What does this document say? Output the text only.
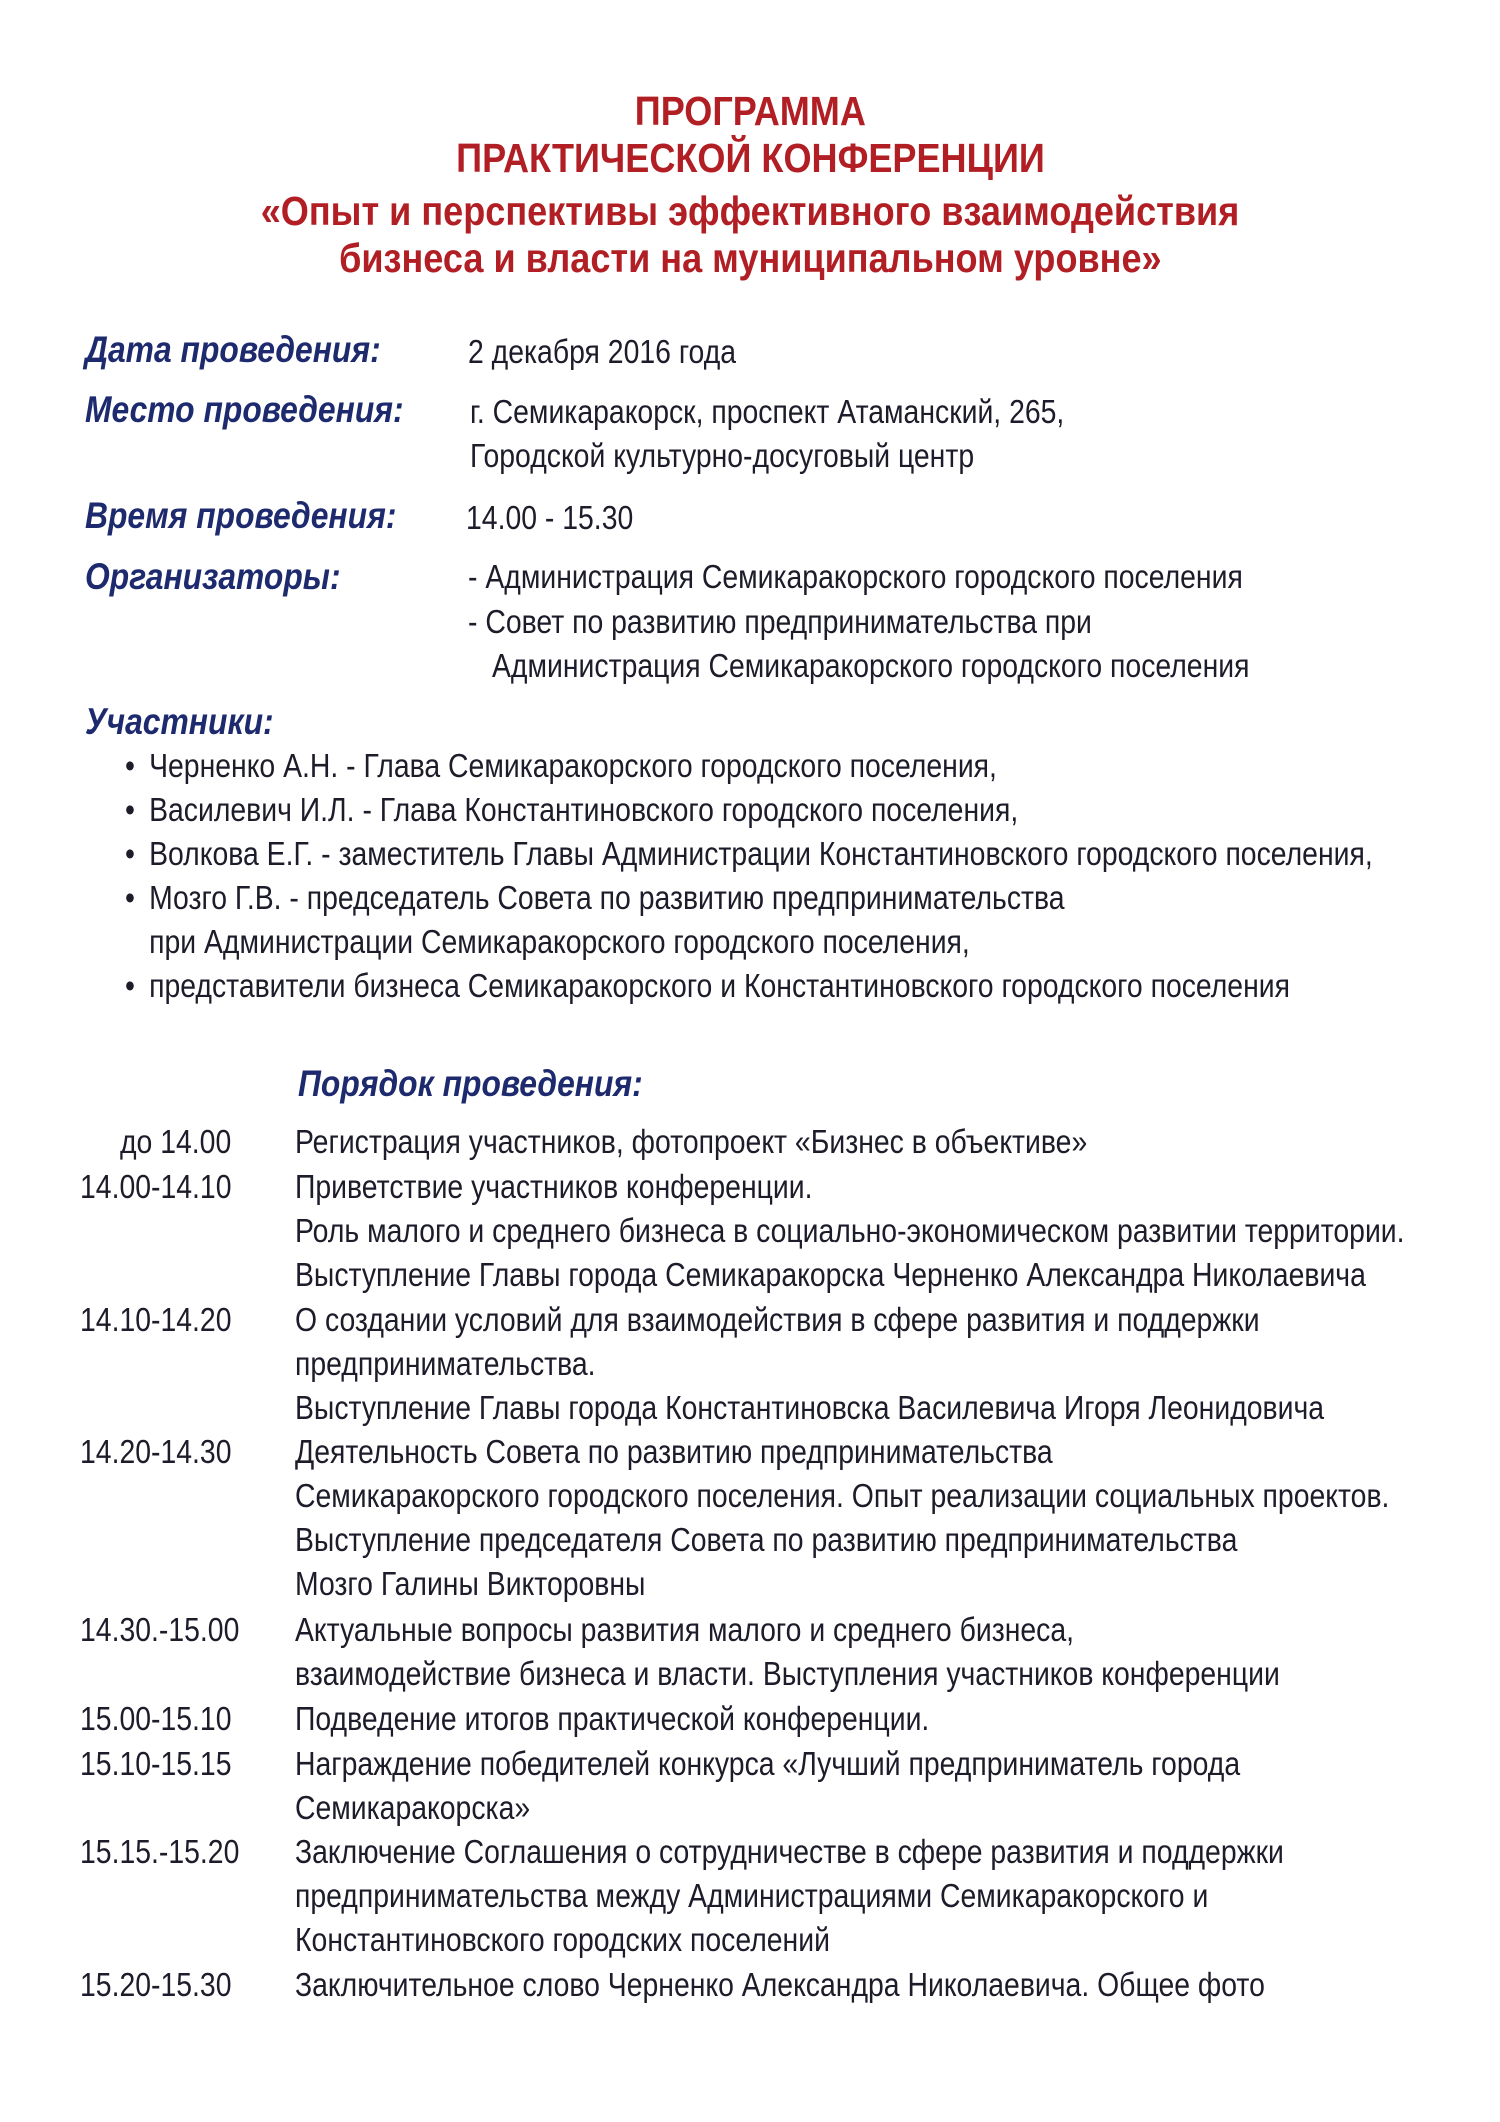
ПРОГРАММА
ПРАКТИЧЕСКОЙ КОНФЕРЕНЦИИ
«Опыт и перспективы эффективного взаимодействия
бизнеса и власти на муниципальном уровне»
Дата проведения:	2 декабря 2016 года
Место проведения: г. Семикаракорск, проспект Атаманский, 265,
Городской культурно-досуговый центр
Время проведения: 14.00 - 15.30
Организаторы:	- Администрация Семикаракорского городского поселения
- Совет по развитию предпринимательства при
Администрация Семикаракорского городского поселения
Участники:
• Черненко А.Н. - Глава Семикаракорского городского поселения,
• Василевич И.Л. - Глава Константиновского городского поселения,
• Волкова Е.Г. - заместитель Главы Администрации Константиновского городского поселения,
• Мозго Г.В. - председатель Совета по развитию предпринимательства
при Администрации Семикаракорского городского поселения,
• представители бизнеса Семикаракорского и Константиновского городского поселения
Порядок проведения:
до 14.00 Регистрация участников, фотопроект «Бизнес в объективе»
14.00-14.10 Приветствие участников конференции.
Роль малого и среднего бизнеса в социально-экономическом развитии территории.
Выступление Главы города Семикаракорска Черненко Александра Николаевича
14.10-14.20 О создании условий для взаимодействия в сфере развития и поддержки
предпринимательства.
Выступление Главы города Константиновска Василевича Игоря Леонидовича
14.20-14.30 Деятельность Совета по развитию предпринимательства
Семикаракорского городского поселения. Опыт реализации социальных проектов.
Выступление председателя Совета по развитию предпринимательства
Мозго Галины Викторовны
14.30.-15.00 Актуальные вопросы развития малого и среднего бизнеса,
взаимодействие бизнеса и власти. Выступления участников конференции
15.00-15.10 Подведение итогов практической конференции.
15.10-15.15 Награждение победителей конкурса «Лучший предприниматель города
Семикаракорска»
15.15.-15.20 Заключение Соглашения о сотрудничестве в сфере развития и поддержки
предпринимательства между Администрациями Семикаракорского и
Константиновского городских поселений
15.20-15.30 Заключительное слово Черненко Александра Николаевича. Общее фото
